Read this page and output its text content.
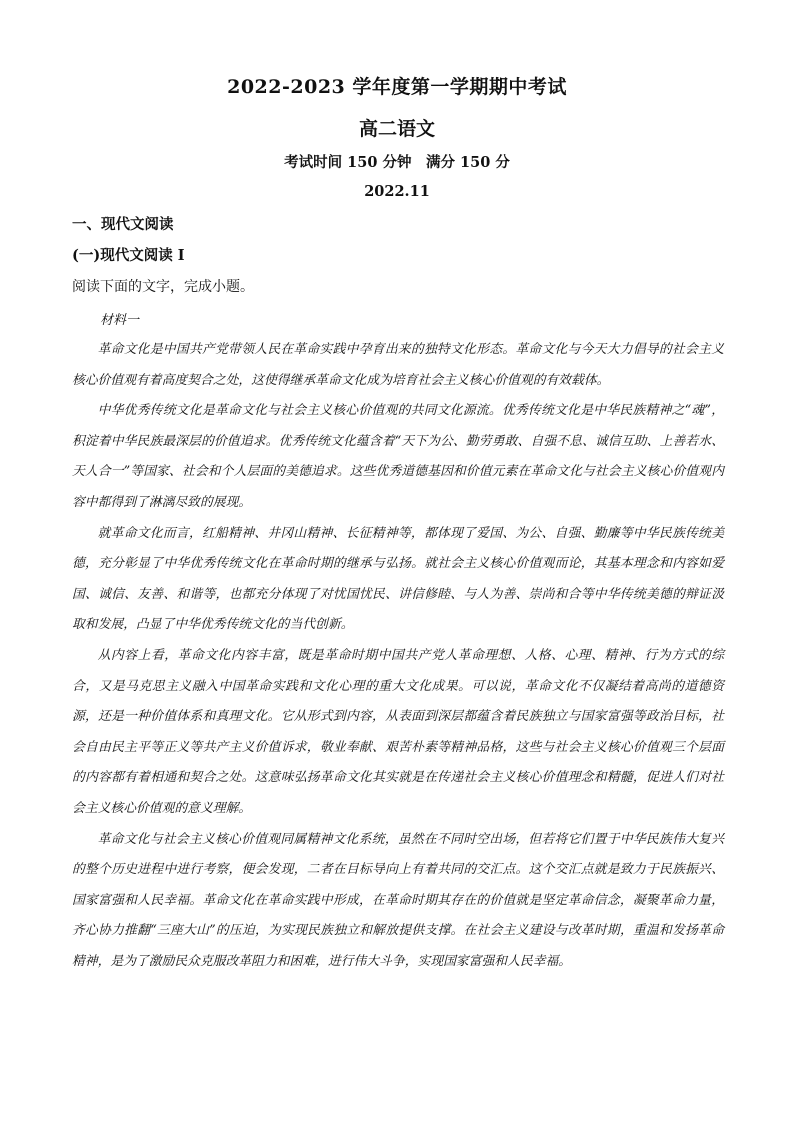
2022-2023 学年度第一学期期中考试
高二语文
考试时间 150 分钟　满分 150 分
2022.11
一、现代文阅读
(一)现代文阅读 I
阅读下面的文字，完成小题。
材料一

革命文化是中国共产党带领人民在革命实践中孕育出来的独特文化形态。革命文化与今天大力倡导的社会主义核心价值观有着高度契合之处，这使得继承革命文化成为培育社会主义核心价值观的有效载体。

中华优秀传统文化是革命文化与社会主义核心价值观的共同文化源流。优秀传统文化是中华民族精神之“魂”，积淀着中华民族最深层的价值追求。优秀传统文化蕴含着“天下为公、勤劳勇敢、自强不息、诚信互助、上善若水、天人合一”等国家、社会和个人层面的美德追求。这些优秀道德基因和价值元素在革命文化与社会主义核心价值观内容中都得到了淋漓尽致的展现。

就革命文化而言，红船精神、井冈山精神、长征精神等，都体现了爱国、为公、自强、勤廉等中华民族传统美德，充分彰显了中华优秀传统文化在革命时期的继承与弘扬。就社会主义核心价值观而论，其基本理念和内容如爱国、诚信、友善、和谐等，也都充分体现了对忧国忧民、讲信修睦、与人为善、崇尚和合等中华传统美德的辩证汲取和发展，凸显了中华优秀传统文化的当代创新。

从内容上看，革命文化内容丰富，既是革命时期中国共产党人革命理想、人格、心理、精神、行为方式的综合，又是马克思主义融入中国革命实践和文化心理的重大文化成果。可以说，革命文化不仅凝结着高尚的道德资源，还是一种价值体系和真理文化。它从形式到内容，从表面到深层都蕴含着民族独立与国家富强等政治目标，社会自由民主平等正义等共产主义价值诉求，敬业奉献、艰苦朴素等精神品格，这些与社会主义核心价值观三个层面的内容都有着相通和契合之处。这意味弘扬革命文化其实就是在传递社会主义核心价值理念和精髓，促进人们对社会主义核心价值观的意义理解。

革命文化与社会主义核心价值观同属精神文化系统，虽然在不同时空出场，但若将它们置于中华民族伟大复兴的整个历史进程中进行考察，便会发现，二者在目标导向上有着共同的交汇点。这个交汇点就是致力于民族振兴、国家富强和人民幸福。革命文化在革命实践中形成，在革命时期其存在的价值就是坚定革命信念，凝聚革命力量，齐心协力推翻“三座大山”的压迫，为实现民族独立和解放提供支撑。在社会主义建设与改革时期，重温和发扬革命精神，是为了激励民众克服改革阻力和困难，进行伟大斗争，实现国家富强和人民幸福。
